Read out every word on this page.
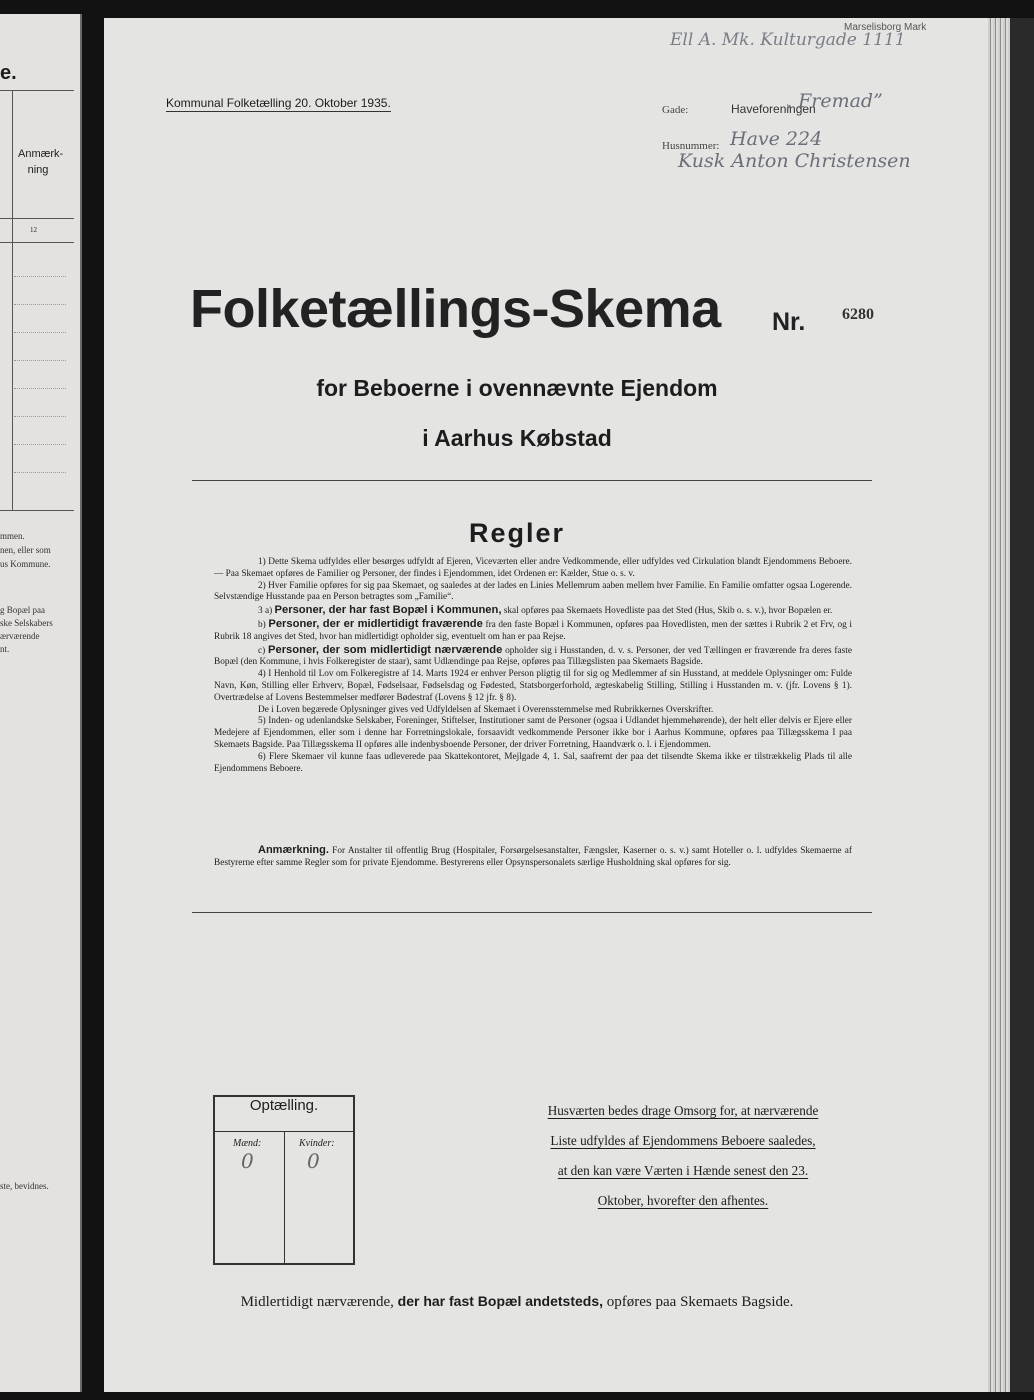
e.
Anmærk-
ning
12
mmen.
nen, eller som
us Kommune.
g Bopæl paa
ske Selskabers
ærværende
nt.
ste, bevidnes.
Marselisborg Mark
Ell A. Mk. Kulturgade 1111
Kommunal Folketælling 20. Oktober 1935.	Gade:	Haveforeningen
, Fremad”
Husnummer: Have 224
Kusk Anton Christensen
Folketællings-Skema Nr. 6280
for Beboerne i ovennævnte Ejendom
i Aarhus Købstad
Regler

1) Dette Skema udfyldes eller besørges udfyldt af Ejeren, Viceværten eller andre Vedkommende, eller udfyldes ved Cirkulation blandt Ejendommens Beboere. — Paa Skemaet opføres de Familier og Personer, der findes i Ejendommen, idet Ordenen er: Kælder, Stue o. s. v.

2) Hver Familie opføres for sig paa Skemaet, og saaledes at der lades en Linies Mellemrum aaben mellem hver Familie. En Familie omfatter ogsaa Logerende. Selvstændige Husstande paa en Person betragtes som „Familie“.

3 a) Personer, der har fast Bopæl i Kommunen, skal opføres paa Skemaets Hovedliste paa det Sted (Hus, Skib o. s. v.), hvor Bopælen er.

b) Personer, der er midlertidigt fraværende fra den faste Bopæl i Kommunen, opføres paa Hovedlisten, men der sættes i Rubrik 2 et Frv, og i Rubrik 18 angives det Sted, hvor han midlertidigt opholder sig, eventuelt om han er paa Rejse.

c) Personer, der som midlertidigt nærværende opholder sig i Husstanden, d. v. s. Personer, der ved Tællingen er fraværende fra deres faste Bopæl (den Kommune, i hvis Folkeregister de staar), samt Udlændinge paa Rejse, opføres paa Tillægslisten paa Skemaets Bagside.

4) I Henhold til Lov om Folkeregistre af 14. Marts 1924 er enhver Person pligtig til for sig og Medlemmer af sin Husstand, at meddele Oplysninger om: Fulde Navn, Køn, Stilling eller Erhverv, Bopæl, Fødselsaar, Fødselsdag og Fødested, Statsborgerforhold, ægteskabelig Stilling, Stilling i Husstanden m. v. (jfr. Lovens § 1). Overtrædelse af Lovens Bestemmelser medfører Bødestraf (Lovens § 12 jfr. § 8).

De i Loven begærede Oplysninger gives ved Udfyldelsen af Skemaet i Overensstemmelse med Rubrikkernes Overskrifter.

5) Inden- og udenlandske Selskaber, Foreninger, Stiftelser, Institutioner samt de Personer (ogsaa i Udlandet hjemmehørende), der helt eller delvis er Ejere eller Medejere af Ejendommen, eller som i denne har Forretningslokale, forsaavidt vedkommende Personer ikke bor i Aarhus Kommune, opføres paa Tillægsskema I paa Skemaets Bagside. Paa Tillægsskema II opføres alle indenbysboende Personer, der driver Forretning, Haandværk o. l. i Ejendommen.

6) Flere Skemaer vil kunne faas udleverede paa Skattekontoret, Mejlgade 4, 1. Sal, saafremt der paa det tilsendte Skema ikke er tilstrækkelig Plads til alle Ejendommens Beboere.

Anmærkning. For Anstalter til offentlig Brug (Hospitaler, Forsørgelsesanstalter, Fængsler, Kaserner o. s. v.) samt Hoteller o. l. udfyldes Skemaerne af Bestyrerne efter samme Regler som for private Ejendomme. Bestyrerens eller Opsynspersonalets særlige Husholdning skal opføres for sig.

Optælling.
Mænd:	Kvinder:
0	0
Husværten bedes drage Omsorg for, at nærværende
Liste udfyldes af Ejendommens Beboere saaledes,
at den kan være Værten i Hænde senest den 23.
Oktober, hvorefter den afhentes.
Midlertidigt nærværende, der har fast Bopæl andetsteds, opføres paa Skemaets Bagside.
